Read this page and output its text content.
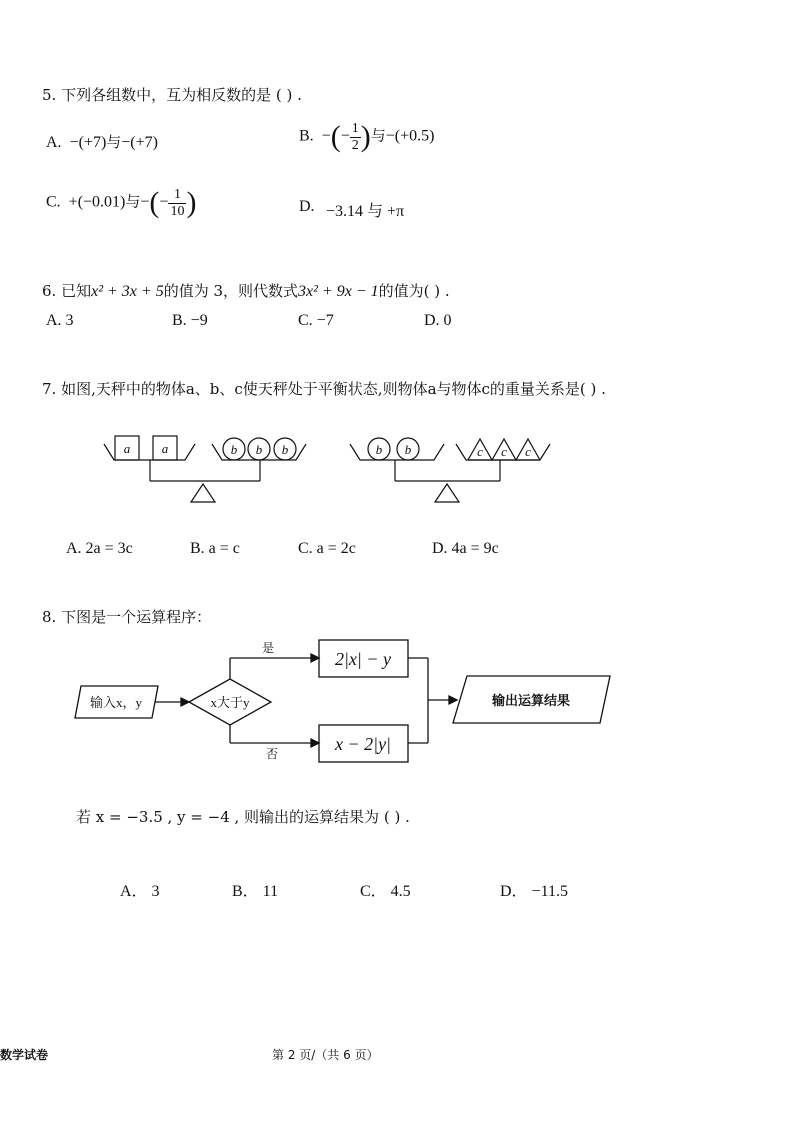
5. 下列各组数中，互为相反数的是 ( ) .
A. −(+7)与−(+7)	B. −(− $\frac{1}{2}$ )与−(+0.5)
C. +(−0.01)与−(− $\frac{1}{10}$ )	D. −3.14 与 +π
6. 已知x² + 3x + 5的值为 3，则代数式3x² + 9x − 1的值为( ) .
A. 3	B. −9	C. −7	D. 0
7. 如图,天秤中的物体a、b、c使天秤处于平衡状态,则物体a与物体c的重量关系是( ) .
a a	b b b	b b	c c c
A. 2a = 3c	B. a = c	C. a = 2c	D. 4a = 9c
8. 下图是一个运算程序：
输入x，y	x大于y
是
否
2|x| − y
x − 2|y|
输出运算结果
若 x = −3.5 , y = −4 , 则输出的运算结果为 ( ) .
A． 3	B． 11	C． 4.5	D． −11.5
数学试卷	第 2 页/（共 6 页）
